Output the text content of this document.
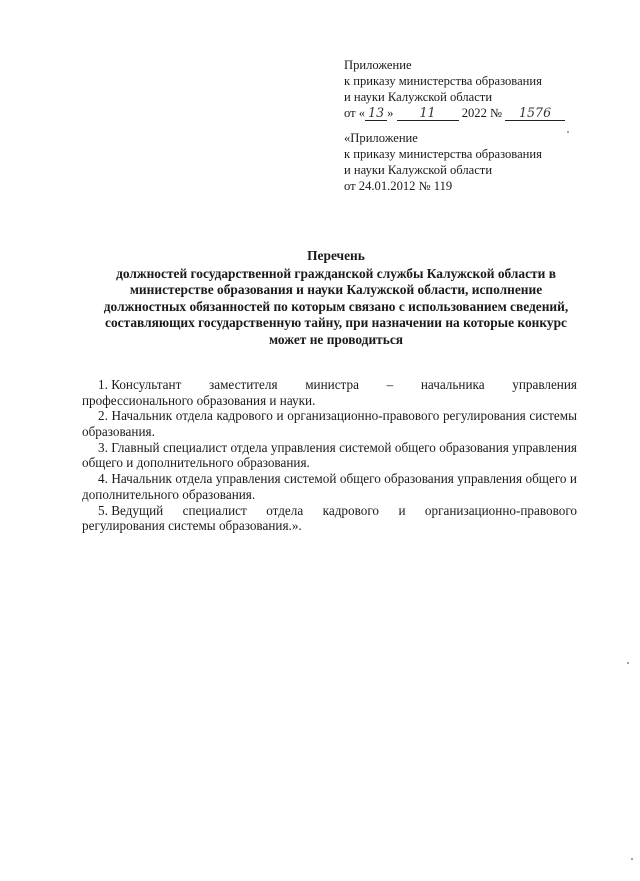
Приложение
к приказу министерства образования
и науки Калужской области
от « 13 » 11 2022 № 1576
«Приложение
к приказу министерства образования
и науки Калужской области
от 24.01.2012 № 119
Перечень
должностей государственной гражданской службы Калужской области в
министерстве образования и науки Калужской области, исполнение
должностных обязанностей по которым связано с использованием сведений,
составляющих государственную тайну, при назначении на которые конкурс
может не проводиться
1. Консультант заместителя министра – начальника управления
профессионального образования и науки.
2. Начальник отдела кадрового и организационно-правового регулирования системы образования.
3. Главный специалист отдела управления системой общего образования управления общего и дополнительного образования.
4. Начальник отдела управления системой общего образования управления общего и дополнительного образования.
5. Ведущий специалист отдела кадрового и организационно-правового
регулирования системы образования.».
